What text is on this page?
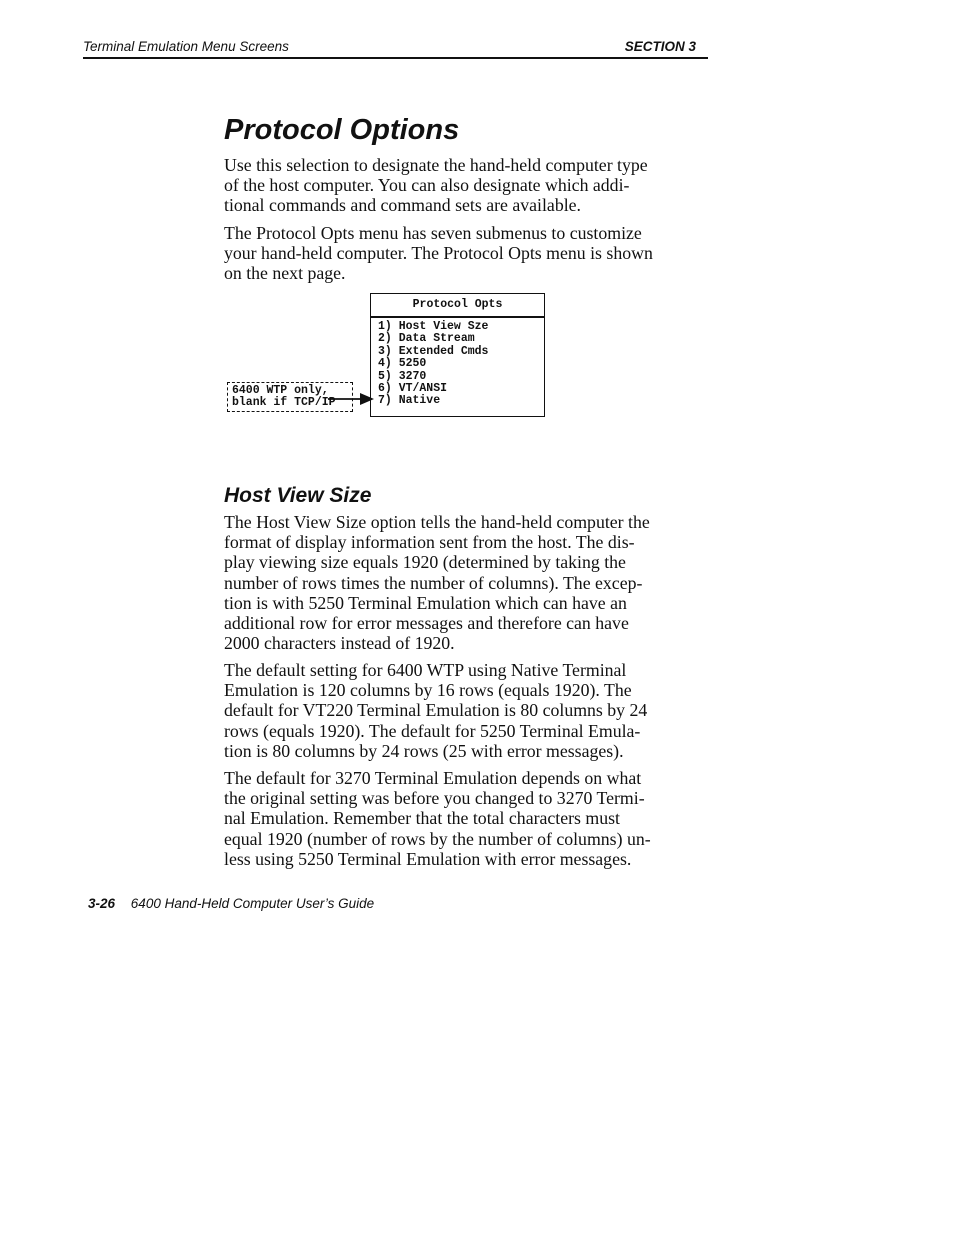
Terminal Emulation Menu Screens	SECTION 3
Protocol Options
Use this selection to designate the hand-held computer type
of the host computer. You can also designate which addi-
tional commands and command sets are available.
The Protocol Opts menu has seven submenus to customize
your hand-held computer. The Protocol Opts menu is shown
on the next page.
Protocol Opts
1) Host View Sze
2) Data Stream
3) Extended Cmds
4) 5250
5) 3270
6) VT/ANSI
7) Native
6400 WTP only,
blank if TCP/IP
Host View Size
The Host View Size option tells the hand-held computer the
format of display information sent from the host. The dis-
play viewing size equals 1920 (determined by taking the
number of rows times the number of columns). The excep-
tion is with 5250 Terminal Emulation which can have an
additional row for error messages and therefore can have
2000 characters instead of 1920.
The default setting for 6400 WTP using Native Terminal
Emulation is 120 columns by 16 rows (equals 1920). The
default for VT220 Terminal Emulation is 80 columns by 24
rows (equals 1920). The default for 5250 Terminal Emula-
tion is 80 columns by 24 rows (25 with error messages).
The default for 3270 Terminal Emulation depends on what
the original setting was before you changed to 3270 Termi-
nal Emulation. Remember that the total characters must
equal 1920 (number of rows by the number of columns) un-
less using 5250 Terminal Emulation with error messages.
3-26 6400 Hand-Held Computer User’s Guide
